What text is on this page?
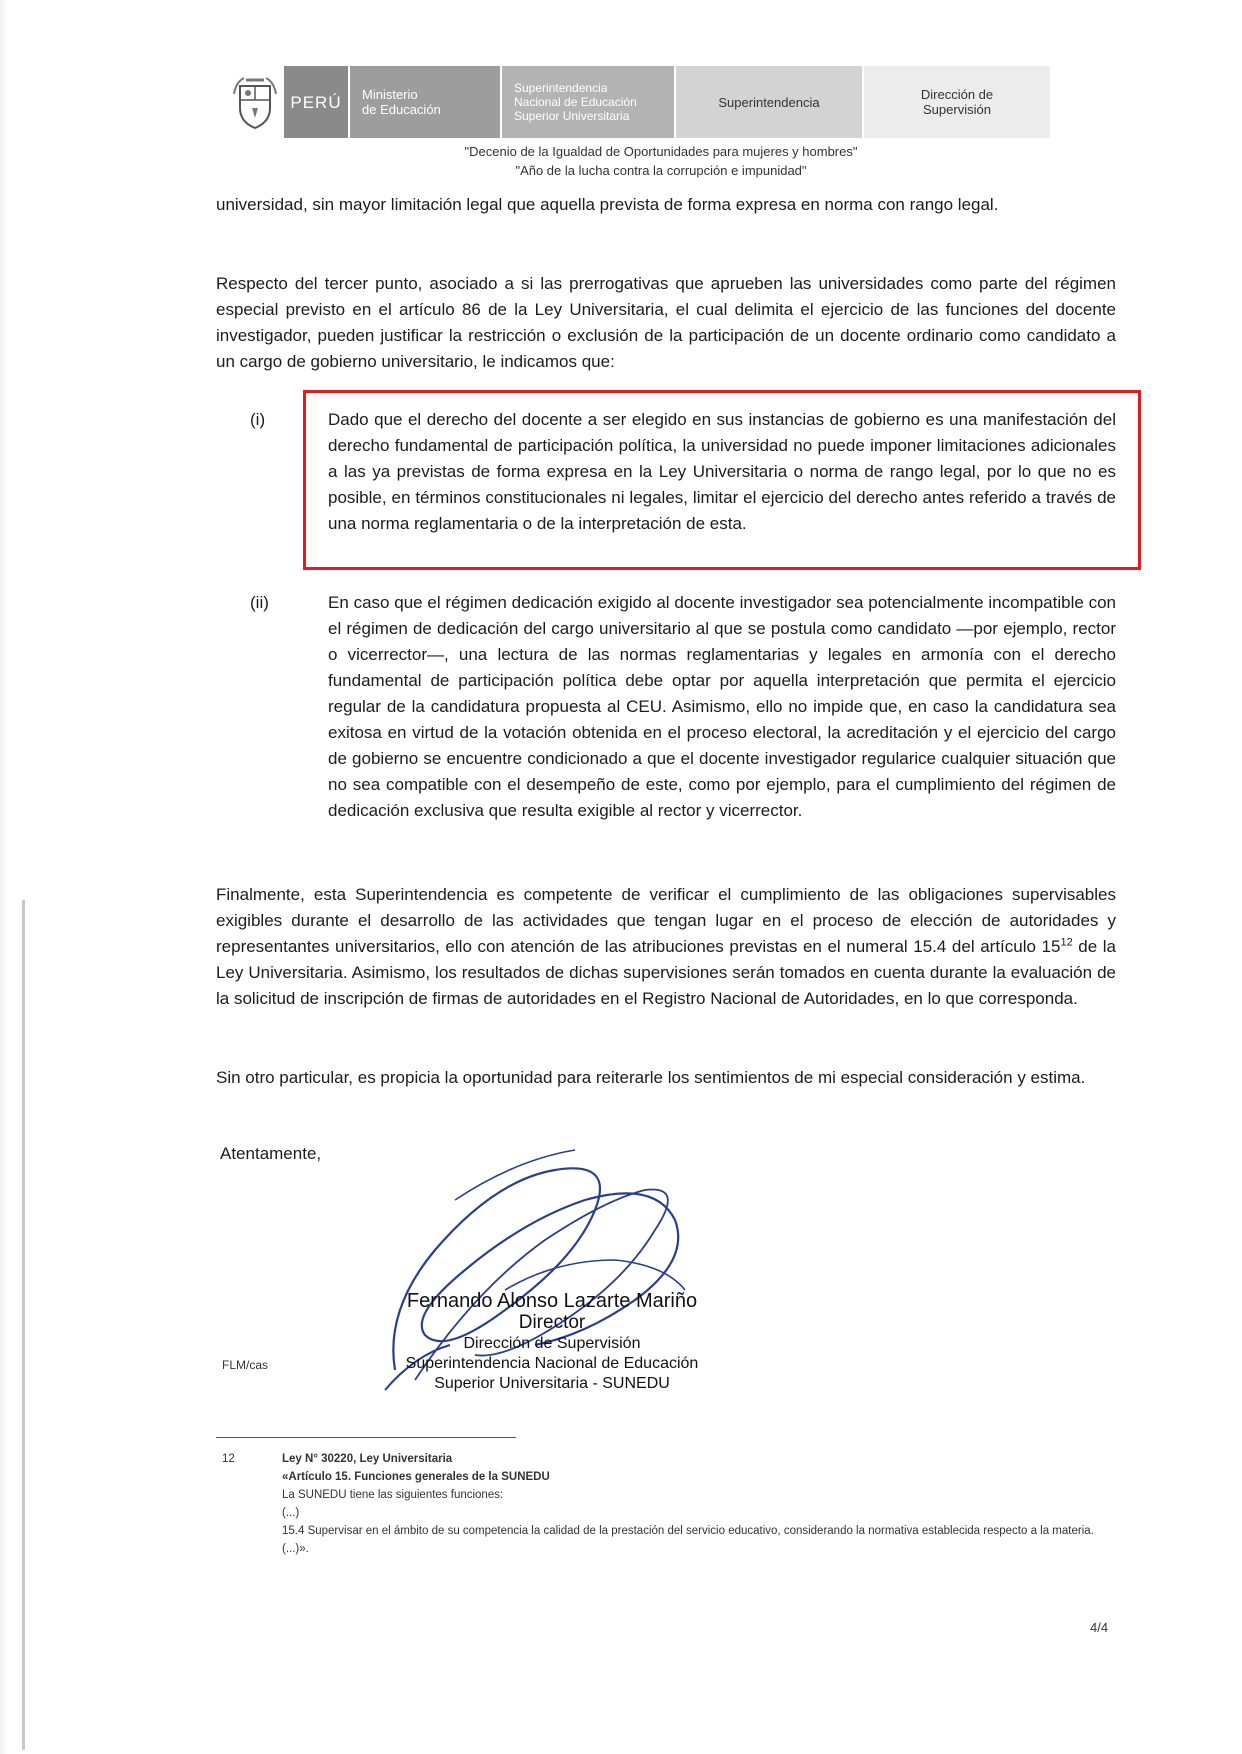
PERÚ Ministerio
de Educación
Superintendencia
Nacional de Educación
Superior Universitaria
Superintendencia	Dirección de
Supervisión
"Decenio de la Igualdad de Oportunidades para mujeres y hombres"
"Año de la lucha contra la corrupción e impunidad"
universidad, sin mayor limitación legal que aquella prevista de forma expresa en norma con rango legal.
Respecto del tercer punto, asociado a si las prerrogativas que aprueben las universidades como parte del régimen especial previsto en el artículo 86 de la Ley Universitaria, el cual delimita el ejercicio de las funciones del docente investigador, pueden justificar la restricción o exclusión de la participación de un docente ordinario como candidato a un cargo de gobierno universitario, le indicamos que:
(i)	Dado que el derecho del docente a ser elegido en sus instancias de gobierno es una manifestación del derecho fundamental de participación política, la universidad no puede imponer limitaciones adicionales a las ya previstas de forma expresa en la Ley Universitaria o norma de rango legal, por lo que no es posible, en términos constitucionales ni legales, limitar el ejercicio del derecho antes referido a través de una norma reglamentaria o de la interpretación de esta.
(ii)	En caso que el régimen dedicación exigido al docente investigador sea potencialmente incompatible con el régimen de dedicación del cargo universitario al que se postula como candidato —por ejemplo, rector o vicerrector—, una lectura de las normas reglamentarias y legales en armonía con el derecho fundamental de participación política debe optar por aquella interpretación que permita el ejercicio regular de la candidatura propuesta al CEU. Asimismo, ello no impide que, en caso la candidatura sea exitosa en virtud de la votación obtenida en el proceso electoral, la acreditación y el ejercicio del cargo de gobierno se encuentre condicionado a que el docente investigador regularice cualquier situación que no sea compatible con el desempeño de este, como por ejemplo, para el cumplimiento del régimen de dedicación exclusiva que resulta exigible al rector y vicerrector.
Finalmente, esta Superintendencia es competente de verificar el cumplimiento de las obligaciones supervisables exigibles durante el desarrollo de las actividades que tengan lugar en el proceso de elección de autoridades y representantes universitarios, ello con atención de las atribuciones previstas en el numeral 15.4 del artículo $15^{12}$ de la Ley Universitaria. Asimismo, los resultados de dichas supervisiones serán tomados en cuenta durante la evaluación de la solicitud de inscripción de firmas de autoridades en el Registro Nacional de Autoridades, en lo que corresponda.
Sin otro particular, es propicia la oportunidad para reiterarle los sentimientos de mi especial consideración y estima.
Atentamente,
Fernando Alonso Lazarte Mariño
Director
Dirección de Supervisión
Superintendencia Nacional de Educación
Superior Universitaria - SUNEDU
FLM/cas
12	Ley N° 30220, Ley Universitaria
«Artículo 15. Funciones generales de la SUNEDU
La SUNEDU tiene las siguientes funciones:
(...)
15.4 Supervisar en el ámbito de su competencia la calidad de la prestación del servicio educativo, considerando la normativa establecida respecto a la materia.
(...)».
4/4
